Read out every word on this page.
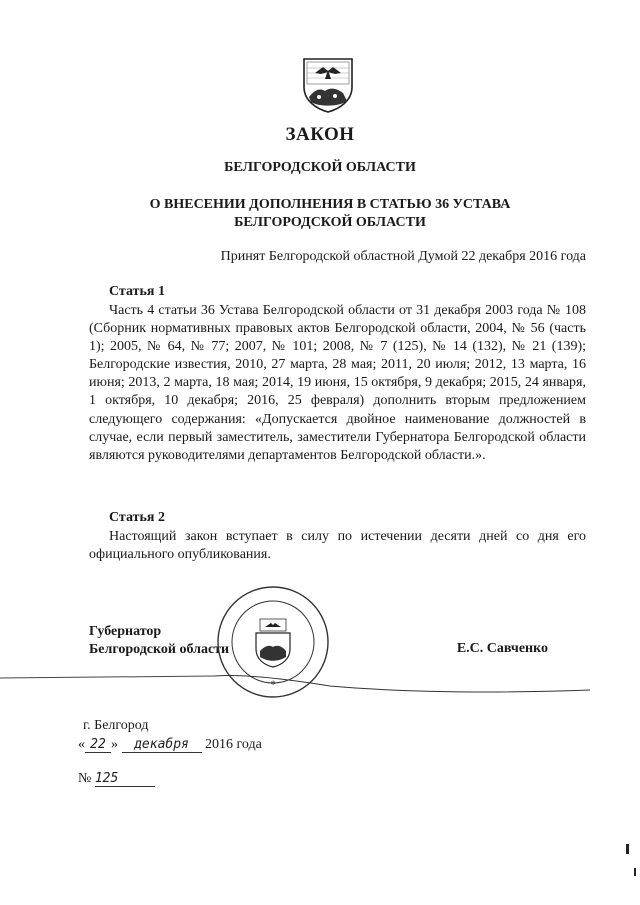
ЗАКОН
БЕЛГОРОДСКОЙ ОБЛАСТИ
О ВНЕСЕНИИ ДОПОЛНЕНИЯ В СТАТЬЮ 36 УСТАВА
БЕЛГОРОДСКОЙ ОБЛАСТИ
Принят Белгородской областной Думой 22 декабря 2016 года
Статья 1
Часть 4 статьи 36 Устава Белгородской области от 31 декабря 2003 года № 108 (Сборник нормативных правовых актов Белгородской области, 2004, № 56 (часть 1); 2005, № 64, № 77; 2007, № 101; 2008, № 7 (125), № 14 (132), № 21 (139); Белгородские известия, 2010, 27 марта, 28 мая; 2011, 20 июля; 2012, 13 марта, 16 июня; 2013, 2 марта, 18 мая; 2014, 19 июня, 15 октября, 9 декабря; 2015, 24 января, 1 октября, 10 декабря; 2016, 25 февраля) дополнить вторым предложением следующего содержания: «Допускается двойное наименование должностей в случае, если первый заместитель, заместители Губернатора Белгородской области являются руководителями департаментов Белгородской области.».
Статья 2
Настоящий закон вступает в силу по истечении десяти дней со дня его официального опубликования.
Губернатор
Белгородской области	Е.С. Савченко
✲
г. Белгород
« 22 » декабря 2016 года
№ 125
